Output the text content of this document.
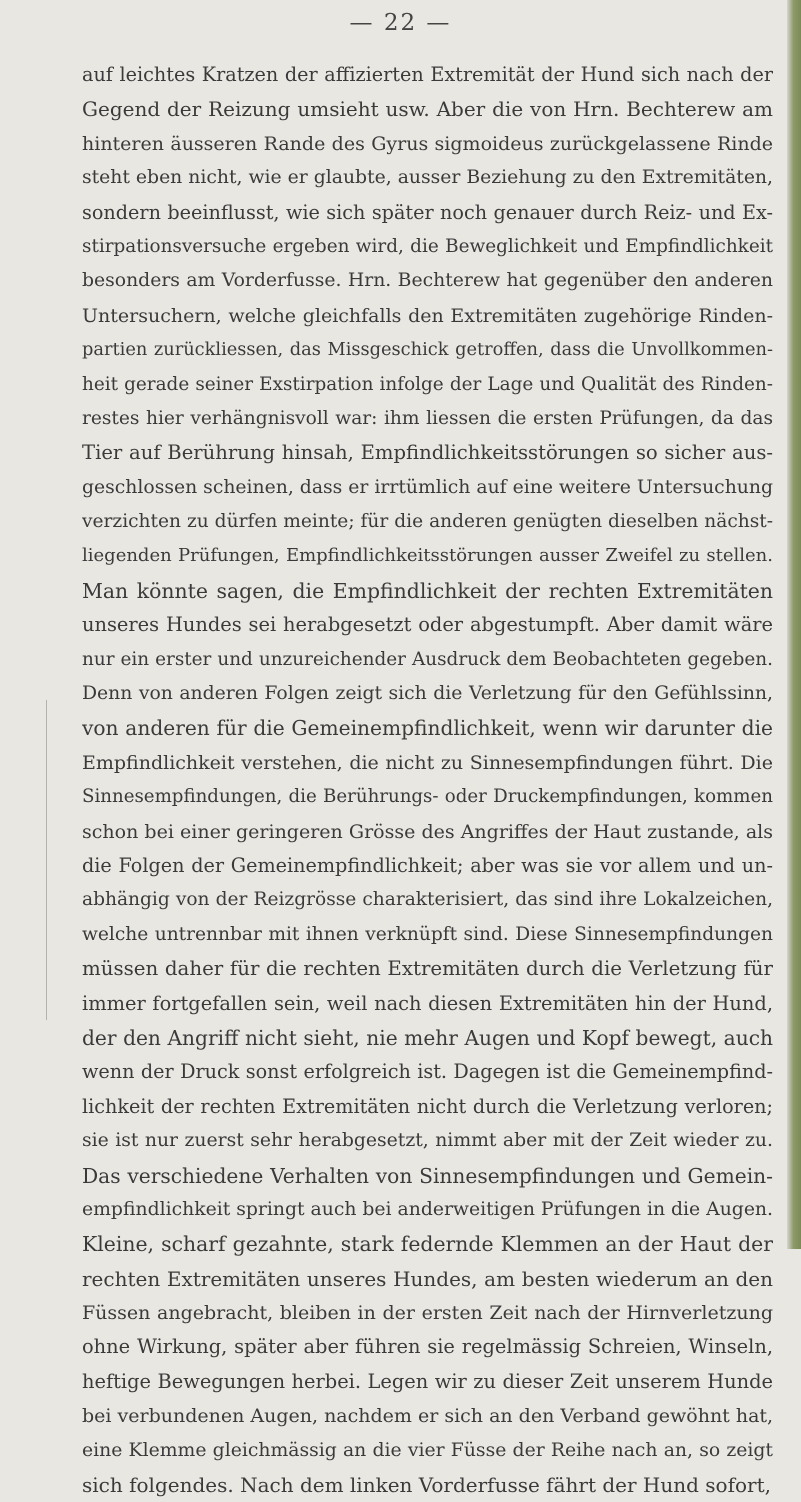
— 22 —
auf leichtes Kratzen der affizierten Extremität der Hund sich nach der
Gegend der Reizung umsieht usw. Aber die von Hrn. Bechterew am
hinteren äusseren Rande des Gyrus sigmoideus zurückgelassene Rinde
steht eben nicht, wie er glaubte, ausser Beziehung zu den Extremitäten,
sondern beeinflusst, wie sich später noch genauer durch Reiz- und Ex-
stirpationsversuche ergeben wird, die Beweglichkeit und Empfindlichkeit
besonders am Vorderfusse. Hrn. Bechterew hat gegenüber den anderen
Untersuchern, welche gleichfalls den Extremitäten zugehörige Rinden-
partien zurückliessen, das Missgeschick getroffen, dass die Unvollkommen-
heit gerade seiner Exstirpation infolge der Lage und Qualität des Rinden-
restes hier verhängnisvoll war: ihm liessen die ersten Prüfungen, da das
Tier auf Berührung hinsah, Empfindlichkeitsstörungen so sicher aus-
geschlossen scheinen, dass er irrtümlich auf eine weitere Untersuchung
verzichten zu dürfen meinte; für die anderen genügten dieselben nächst-
liegenden Prüfungen, Empfindlichkeitsstörungen ausser Zweifel zu stellen.
Man könnte sagen, die Empfindlichkeit der rechten Extremitäten
unseres Hundes sei herabgesetzt oder abgestumpft. Aber damit wäre
nur ein erster und unzureichender Ausdruck dem Beobachteten gegeben.
Denn von anderen Folgen zeigt sich die Verletzung für den Gefühlssinn,
von anderen für die Gemeinempfindlichkeit, wenn wir darunter die
Empfindlichkeit verstehen, die nicht zu Sinnesempfindungen führt. Die
Sinnesempfindungen, die Berührungs- oder Druckempfindungen, kommen
schon bei einer geringeren Grösse des Angriffes der Haut zustande, als
die Folgen der Gemeinempfindlichkeit; aber was sie vor allem und un-
abhängig von der Reizgrösse charakterisiert, das sind ihre Lokalzeichen,
welche untrennbar mit ihnen verknüpft sind. Diese Sinnesempfindungen
müssen daher für die rechten Extremitäten durch die Verletzung für
immer fortgefallen sein, weil nach diesen Extremitäten hin der Hund,
der den Angriff nicht sieht, nie mehr Augen und Kopf bewegt, auch
wenn der Druck sonst erfolgreich ist. Dagegen ist die Gemeinempfind-
lichkeit der rechten Extremitäten nicht durch die Verletzung verloren;
sie ist nur zuerst sehr herabgesetzt, nimmt aber mit der Zeit wieder zu.
Das verschiedene Verhalten von Sinnesempfindungen und Gemein-
empfindlichkeit springt auch bei anderweitigen Prüfungen in die Augen.
Kleine, scharf gezahnte, stark federnde Klemmen an der Haut der
rechten Extremitäten unseres Hundes, am besten wiederum an den
Füssen angebracht, bleiben in der ersten Zeit nach der Hirnverletzung
ohne Wirkung, später aber führen sie regelmässig Schreien, Winseln,
heftige Bewegungen herbei. Legen wir zu dieser Zeit unserem Hunde
bei verbundenen Augen, nachdem er sich an den Verband gewöhnt hat,
eine Klemme gleichmässig an die vier Füsse der Reihe nach an, so zeigt
sich folgendes. Nach dem linken Vorderfusse fährt der Hund sofort,
